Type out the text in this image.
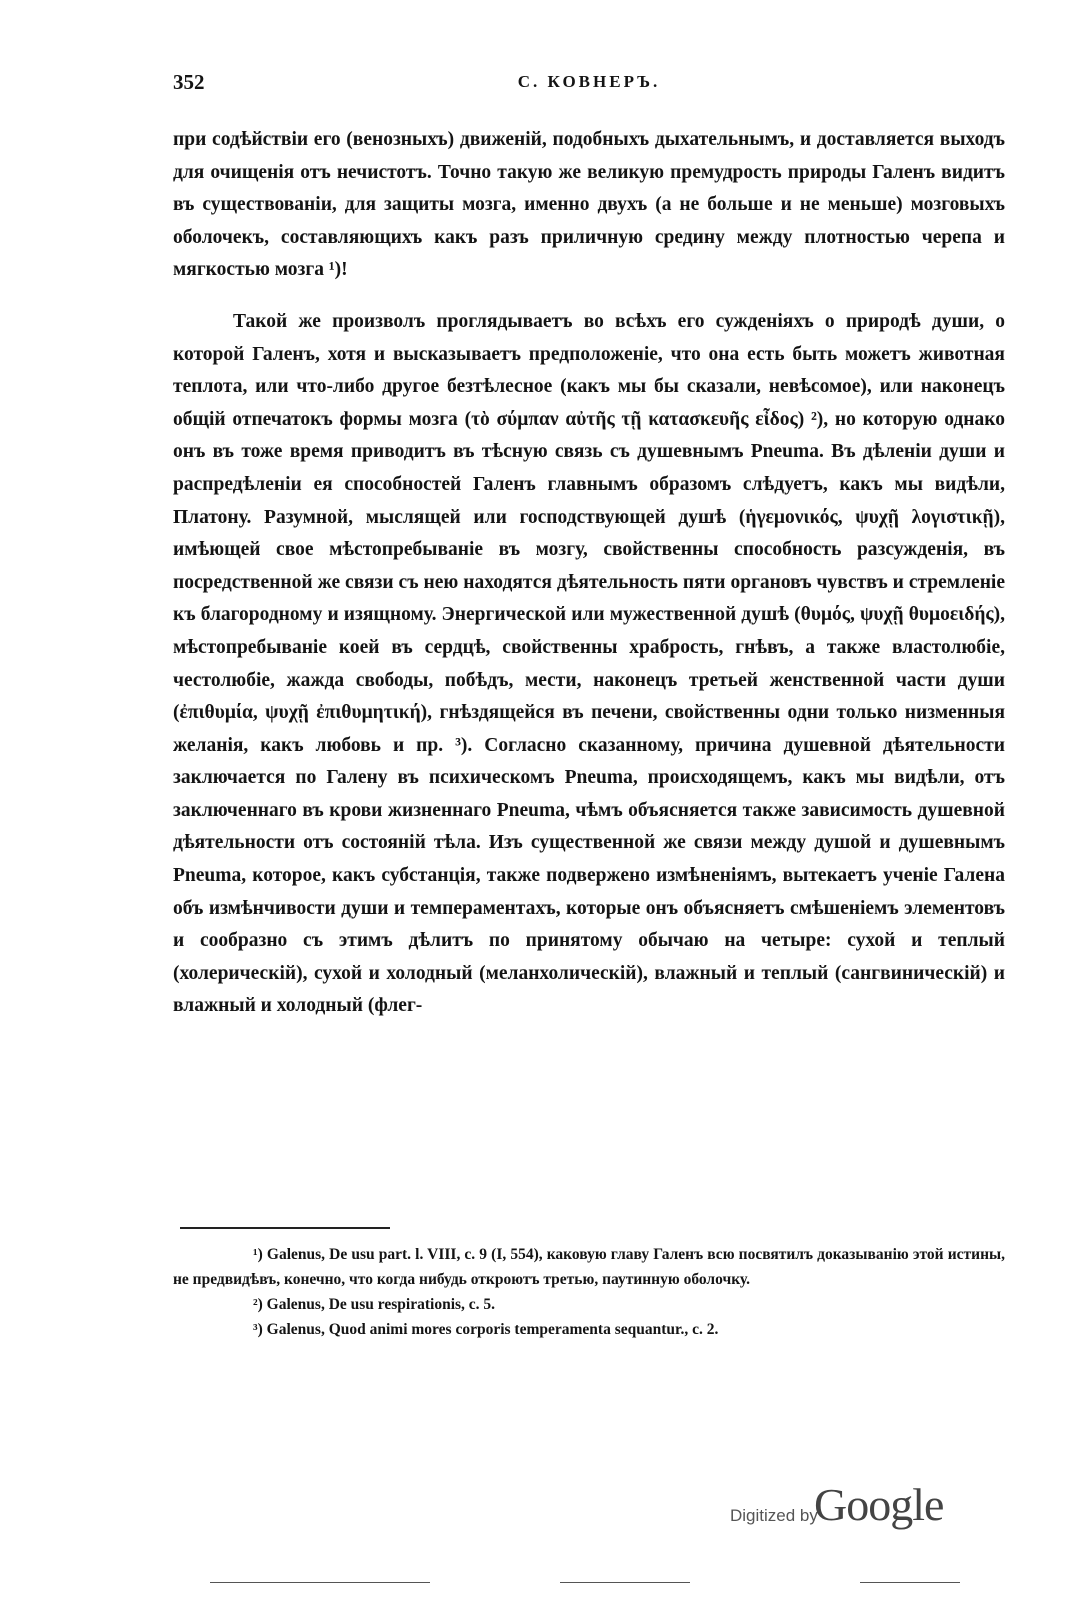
352	С. КОВНЕРЪ.

при содѣйствiи его (венозныхъ) движенiй, подобныхъ дыхательнымъ, и доставляется выходъ для очищенiя отъ нечистотъ. Точно такую же великую премудрость природы Галенъ видитъ въ существованiи, для защиты мозга, именно двухъ (а не больше и не меньше) мозговыхъ оболочекъ, составляющихъ какъ разъ приличную средину между плотностью черепа и мягкостью мозга ¹)!

Такой же произволъ проглядываетъ во всѣхъ его сужденiяхъ о природѣ души, о которой Галенъ, хотя и высказываетъ предположенiе, что она есть быть можетъ животная теплота, или что-либо другое безтѣлесное (какъ мы бы сказали, невѣсомое), или наконецъ общiй отпечатокъ формы мозга (τὸ σύμπαν αὐτῆς τῇ κατασκευῆς εἶδος) ²), но которую однако онъ въ тоже время приводитъ въ тѣсную связь съ душевнымъ Pneuma. Въ дѣленiи души и распредѣленiи ея способностей Галенъ главнымъ образомъ слѣдуетъ, какъ мы видѣли, Платону. Разумной, мыслящей или господствующей душѣ (ἡγεμονικός, ψυχῇ λογιστικῇ), имѣющей свое мѣстопребыванiе въ мозгу, свойственны способность разсужденiя, въ посредственной же связи съ нею находятся дѣятельность пяти органовъ чувствъ и стремленiе къ благородному и изящному. Энергической или мужественной душѣ (θυμός, ψυχῇ θυμοειδής), мѣстопребыванiе коей въ сердцѣ, свойственны храбрость, гнѣвъ, а также властолюбiе, честолюбiе, жажда свободы, побѣдъ, мести, наконецъ третьей женственной части души (ἐπιθυμία, ψυχῇ ἐπιθυμητική), гнѣздящейся въ печени, свойственны одни только низменныя желанiя, какъ любовь и пр. ³). Согласно сказанному, причина душевной дѣятельности заключается по Галену въ психическомъ Pneuma, происходящемъ, какъ мы видѣли, отъ заключеннаго въ крови жизненнаго Pneuma, чѣмъ объясняется также зависимость душевной дѣятельности отъ состоянiй тѣла. Изъ существенной же связи между душой и душевнымъ Pneuma, которое, какъ субстанцiя, также подвержено измѣненiямъ, вытекаетъ ученiе Галена объ измѣнчивости души и темпераментахъ, которые онъ объясняетъ смѣшенiемъ элементовъ и сообразно съ этимъ дѣлитъ по принятому обычаю на четыре: сухой и теплый (холерическiй), сухой и холодный (меланхолическiй), влажный и теплый (сангвиническiй) и влажный и холодный (флег-

¹) Galenus, De usu part. l. VIII, c. 9 (I, 554), каковую главу Галенъ всю посвятилъ доказыванiю этой истины, не предвидѣвъ, конечно, что когда нибудь откроютъ третью, паутинную оболочку.

²) Galenus, De usu respirationis, c. 5.

³) Galenus, Quod animi mores corporis temperamenta sequantur., c. 2.

Digitized by
Google
